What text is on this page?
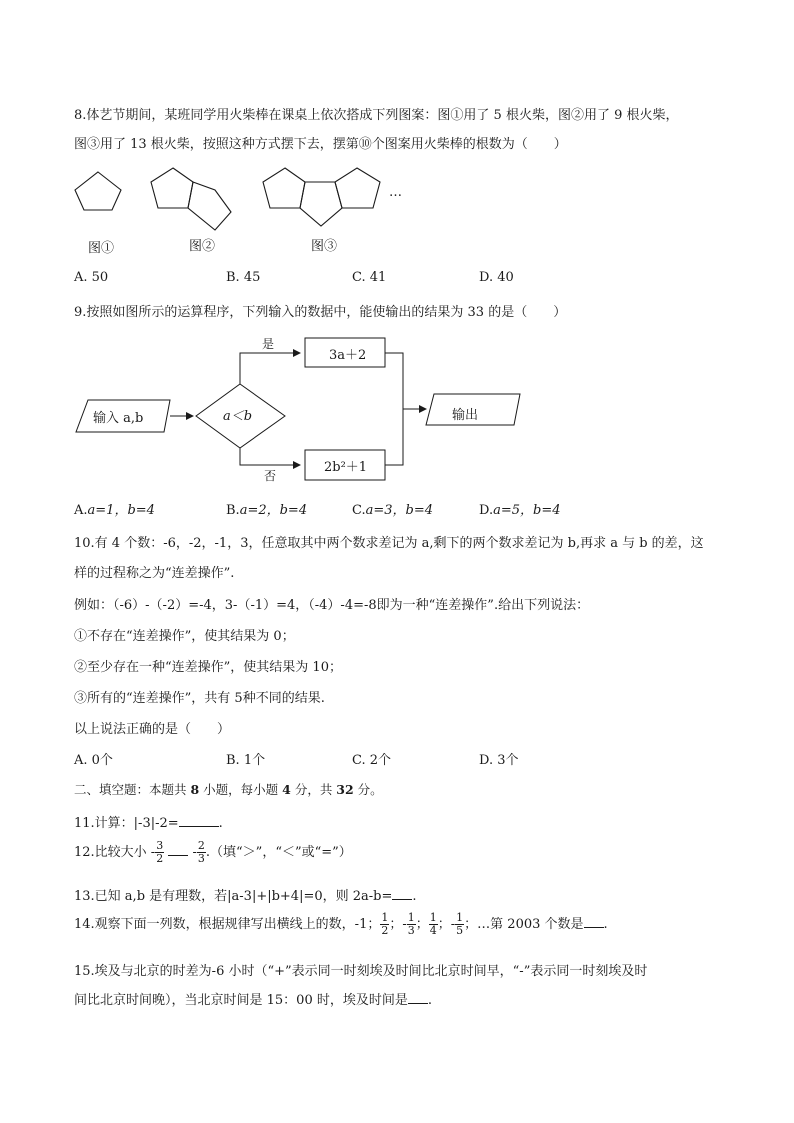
8.体艺节期间，某班同学用火柴棒在课桌上依次搭成下列图案：图①用了 5 根火柴，图②用了 9 根火柴，
图③用了 13 根火柴，按照这种方式摆下去，摆第⑩个图案用火柴棒的根数为（　　）
…
图①	图②	图③
A. 50	B. 45	C. 41	D. 40
9.按照如图所示的运算程序，下列输入的数据中，能使输出的结果为 33 的是（　　）
输入 a,b	a＜b
是
否
3a＋2
2b²＋1
输出
A.a=1，b=4	B.a=2，b=4	C.a=3，b=4	D.a=5，b=4
10.有 4 个数：-6，-2，-1，3，任意取其中两个数求差记为 a,剩下的两个数求差记为 b,再求 a 与 b 的差，这
样的过程称之为“连差操作”.
例如：（-6）-（-2）=-4，3-（-1）=4，（-4）-4=-8即为一种“连差操作”.给出下列说法：
①不存在“连差操作”，使其结果为 0；
②至少存在一种“连差操作”，使其结果为 10；
③所有的“连差操作”，共有 5种不同的结果.
以上说法正确的是（　　）
A. 0个	B. 1个	C. 2个	D. 3个
二、填空题：本题共 8 小题，每小题 4 分，共 32 分。
11.计算：|-3|-2=	.
12.比较大小 - $\frac{3}{2} - \frac{2}{3}$ .（填“＞”，“＜”或“=”）
13.已知 a,b 是有理数，若|a-3|+|b+4|=0，则 2a-b= .
14.观察下面一列数，根据规律写出横线上的数，-1； $\frac{1}{2}$ ；- $\frac{1}{3}$ ； $\frac{1}{4}$ ；- $\frac{1}{5}$ ；…第 2003 个数是 .
15.埃及与北京的时差为-6 小时（“+”表示同一时刻埃及时间比北京时间早，“-”表示同一时刻埃及时
间比北京时间晚），当北京时间是 15：00 时，埃及时间是 .
